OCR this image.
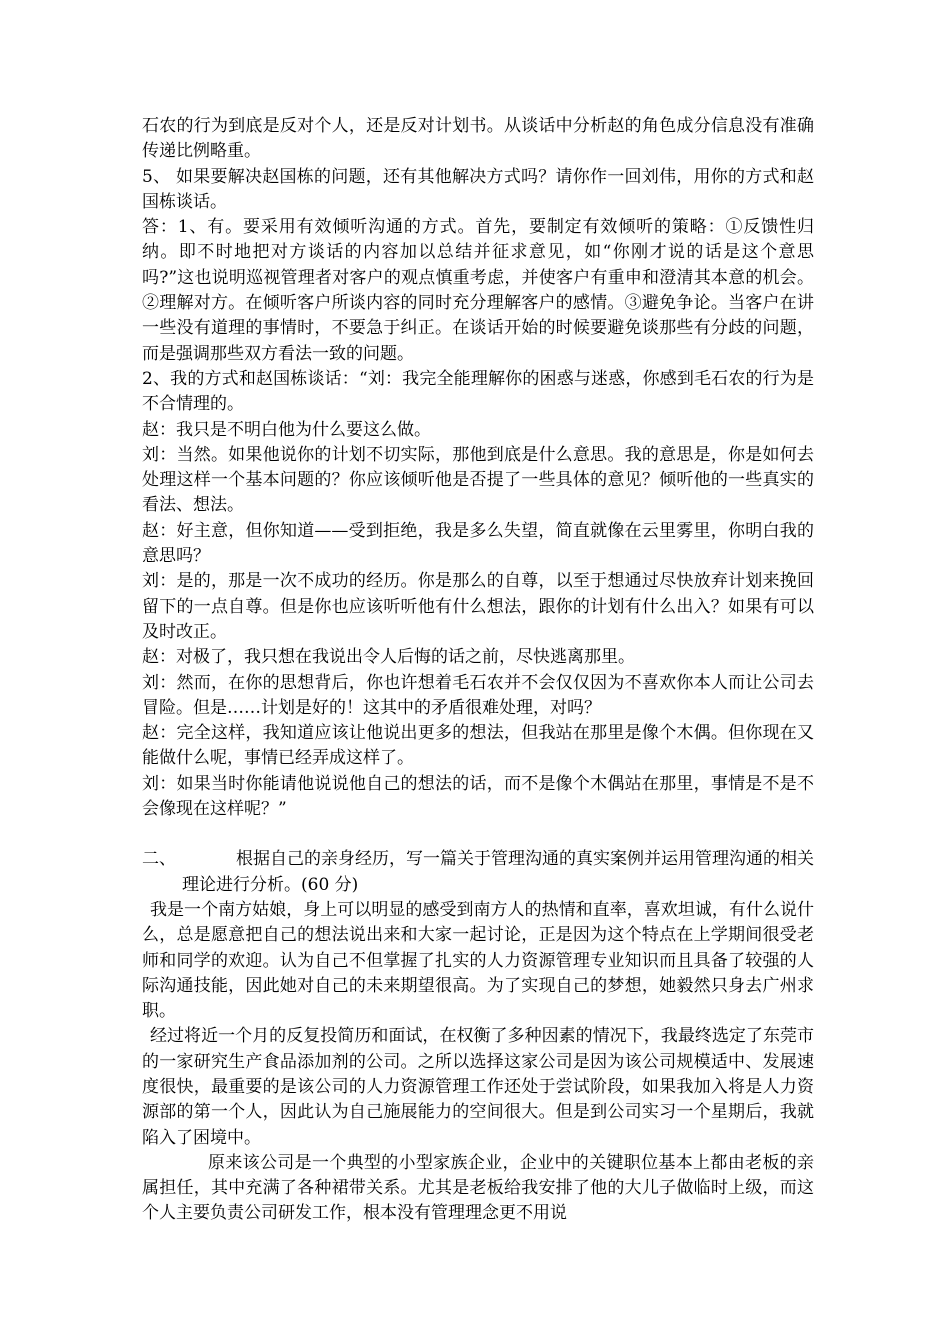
石农的行为到底是反对个人，还是反对计划书。从谈话中分析赵的角色成分信息没有准确传递比例略重。

5、 如果要解决赵国栋的问题，还有其他解决方式吗？请你作一回刘伟，用你的方式和赵国栋谈话。

答：1、有。要采用有效倾听沟通的方式。首先，要制定有效倾听的策略：①反馈性归纳。即不时地把对方谈话的内容加以总结并征求意见，如“你刚才说的话是这个意思吗?”这也说明巡视管理者对客户的观点慎重考虑，并使客户有重申和澄清其本意的机会。②理解对方。在倾听客户所谈内容的同时充分理解客户的感情。③避免争论。当客户在讲一些没有道理的事情时，不要急于纠正。在谈话开始的时候要避免谈那些有分歧的问题，而是强调那些双方看法一致的问题。

2、我的方式和赵国栋谈话：“刘：我完全能理解你的困惑与迷惑，你感到毛石农的行为是不合情理的。

赵：我只是不明白他为什么要这么做。

刘：当然。如果他说你的计划不切实际，那他到底是什么意思。我的意思是，你是如何去处理这样一个基本问题的？你应该倾听他是否提了一些具体的意见？倾听他的一些真实的看法、想法。

赵：好主意，但你知道——受到拒绝，我是多么失望，简直就像在云里雾里，你明白我的意思吗？

刘：是的，那是一次不成功的经历。你是那么的自尊，以至于想通过尽快放弃计划来挽回留下的一点自尊。但是你也应该听听他有什么想法，跟你的计划有什么出入？如果有可以及时改正。

赵：对极了，我只想在我说出令人后悔的话之前，尽快逃离那里。

刘：然而，在你的思想背后，你也许想着毛石农并不会仅仅因为不喜欢你本人而让公司去冒险。但是……计划是好的！这其中的矛盾很难处理，对吗？

赵：完全这样，我知道应该让他说出更多的想法，但我站在那里是像个木偶。但你现在又能做什么呢，事情已经弄成这样了。

刘：如果当时你能请他说说他自己的想法的话，而不是像个木偶站在那里，事情是不是不会像现在这样呢？”

二、	根据自己的亲身经历，写一篇关于管理沟通的真实案例并运用管理沟通的相关理论进行分析。(60 分)

我是一个南方姑娘，身上可以明显的感受到南方人的热情和直率，喜欢坦诚，有什么说什么，总是愿意把自己的想法说出来和大家一起讨论，正是因为这个特点在上学期间很受老师和同学的欢迎。认为自己不但掌握了扎实的人力资源管理专业知识而且具备了较强的人际沟通技能，因此她对自己的未来期望很高。为了实现自己的梦想，她毅然只身去广州求职。

经过将近一个月的反复投简历和面试，在权衡了多种因素的情况下，我最终选定了东莞市的一家研究生产食品添加剂的公司。之所以选择这家公司是因为该公司规模适中、发展速度很快，最重要的是该公司的人力资源管理工作还处于尝试阶段，如果我加入将是人力资源部的第一个人，因此认为自己施展能力的空间很大。但是到公司实习一个星期后，我就陷入了困境中。

原来该公司是一个典型的小型家族企业，企业中的关键职位基本上都由老板的亲属担任，其中充满了各种裙带关系。尤其是老板给我安排了他的大儿子做临时上级，而这个人主要负责公司研发工作，根本没有管理理念更不用说
